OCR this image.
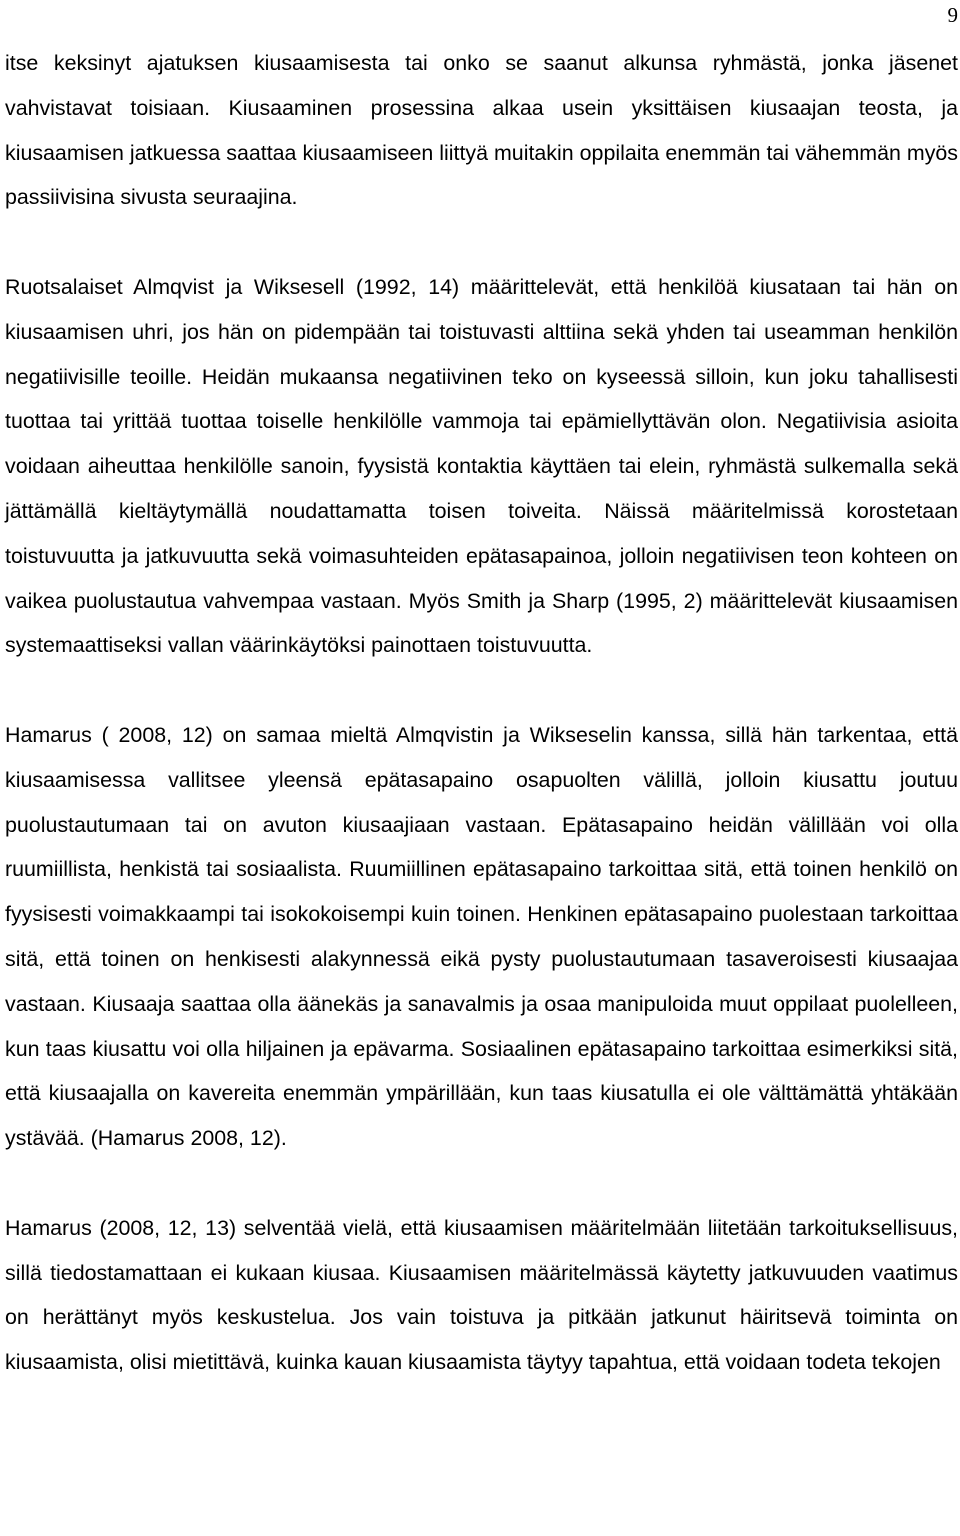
9

itse keksinyt ajatuksen kiusaamisesta tai onko se saanut alkunsa ryhmästä, jonka jäsenet vahvistavat toisiaan. Kiusaaminen prosessina alkaa usein yksittäisen kiusaajan teosta, ja kiusaamisen jatkuessa saattaa kiusaamiseen liittyä muitakin oppilaita enemmän tai vähemmän myös passiivisina sivusta seuraajina.

Ruotsalaiset Almqvist ja Wiksesell (1992, 14) määrittelevät, että henkilöä kiusataan tai hän on kiusaamisen uhri, jos hän on pidempään tai toistuvasti alttiina sekä yhden tai useamman henkilön negatiivisille teoille. Heidän mukaansa negatiivinen teko on kyseessä silloin, kun joku tahallisesti tuottaa tai yrittää tuottaa toiselle henkilölle vammoja tai epämiellyttävän olon. Negatiivisia asioita voidaan aiheuttaa henkilölle sanoin, fyysistä kontaktia käyttäen tai elein, ryhmästä sulkemalla sekä jättämällä kieltäytymällä noudattamatta toisen toiveita. Näissä määritelmissä korostetaan toistuvuutta ja jatkuvuutta sekä voimasuhteiden epätasapainoa, jolloin negatiivisen teon kohteen on vaikea puolustautua vahvempaa vastaan. Myös Smith ja Sharp (1995, 2) määrittelevät kiusaamisen systemaattiseksi vallan väärinkäytöksi painottaen toistuvuutta.

Hamarus ( 2008, 12) on samaa mieltä Almqvistin ja Wikseselin kanssa, sillä hän tarkentaa, että kiusaamisessa vallitsee yleensä epätasapaino osapuolten välillä, jolloin kiusattu joutuu puolustautumaan tai on avuton kiusaajiaan vastaan. Epätasapaino heidän välillään voi olla ruumiillista, henkistä tai sosiaalista. Ruumiillinen epätasapaino tarkoittaa sitä, että toinen henkilö on fyysisesti voimakkaampi tai isokokoisempi kuin toinen. Henkinen epätasapaino puolestaan tarkoittaa sitä, että toinen on henkisesti alakynnessä eikä pysty puolustautumaan tasaveroisesti kiusaajaa vastaan. Kiusaaja saattaa olla äänekäs ja sanavalmis ja osaa manipuloida muut oppilaat puolelleen, kun taas kiusattu voi olla hiljainen ja epävarma. Sosiaalinen epätasapaino tarkoittaa esimerkiksi sitä, että kiusaajalla on kavereita enemmän ympärillään, kun taas kiusatulla ei ole välttämättä yhtäkään ystävää. (Hamarus 2008, 12).

Hamarus (2008, 12, 13) selventää vielä, että kiusaamisen määritelmään liitetään tarkoituksellisuus, sillä tiedostamattaan ei kukaan kiusaa. Kiusaamisen määritelmässä käytetty jatkuvuuden vaatimus on herättänyt myös keskustelua. Jos vain toistuva ja pitkään jatkunut häiritsevä toiminta on kiusaamista, olisi mietittävä, kuinka kauan kiusaamista täytyy tapahtua, että voidaan todeta tekojen
